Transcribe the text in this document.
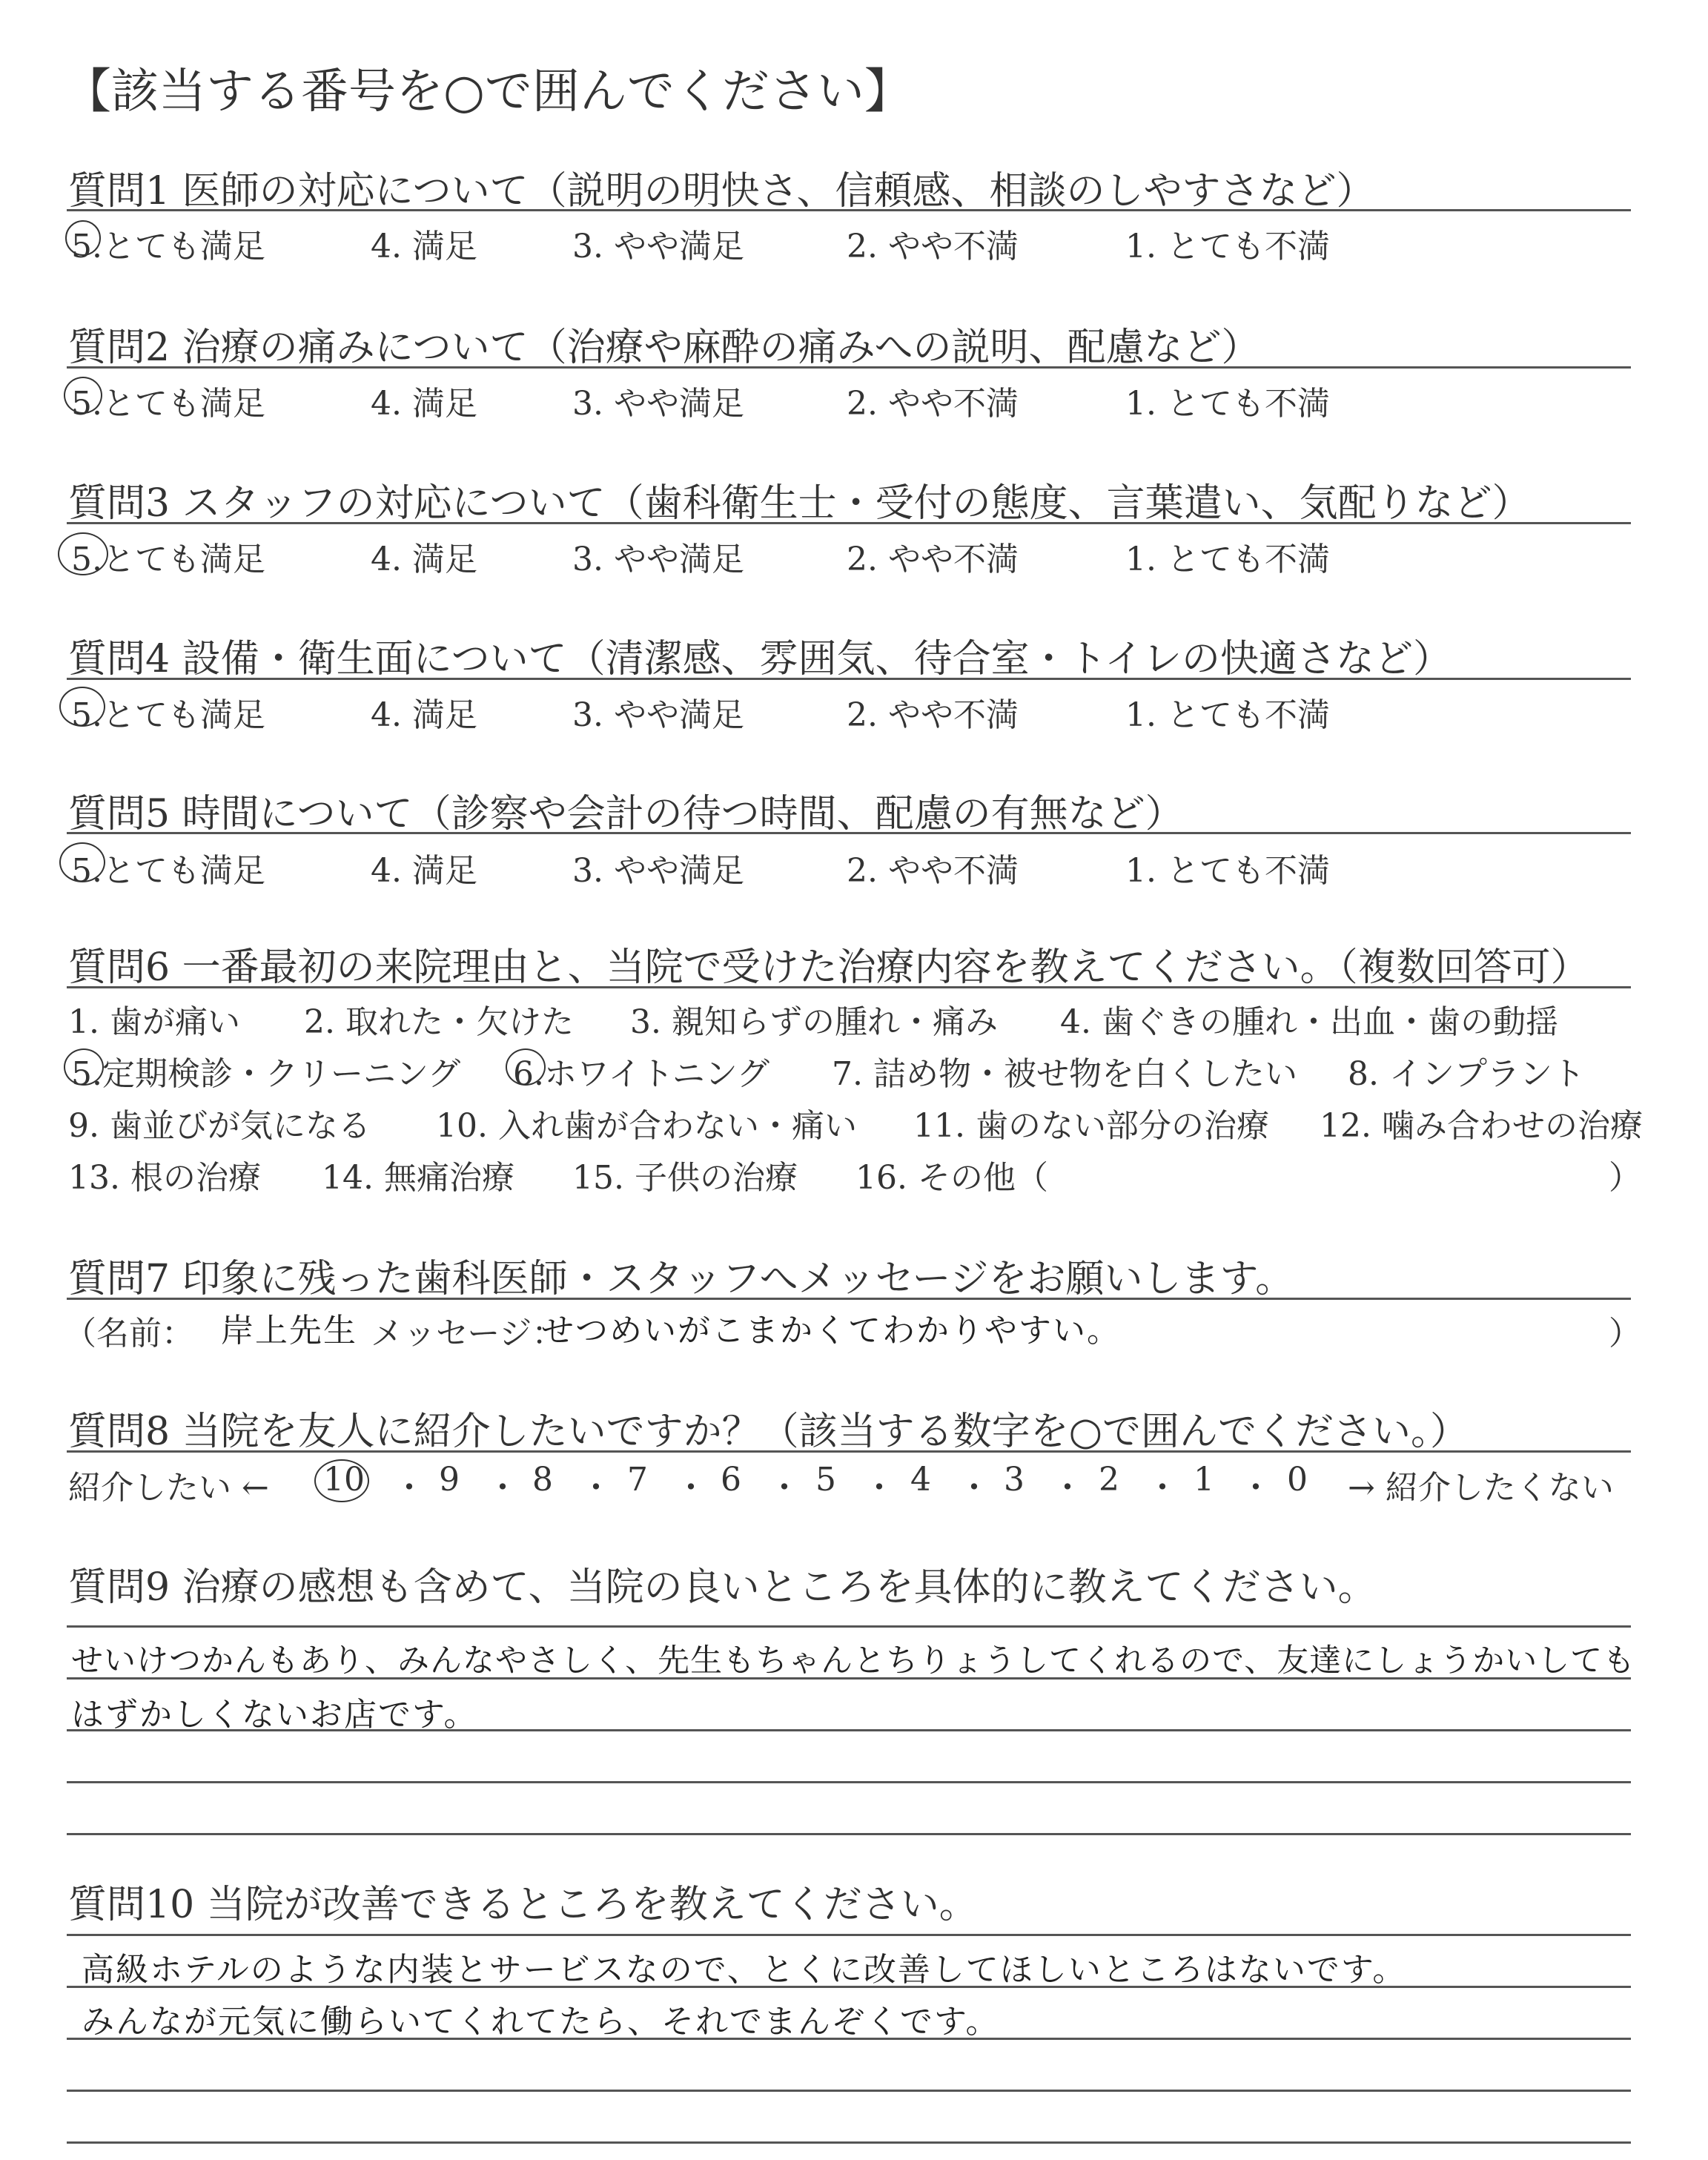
【該当する番号を○で囲んでください】
質問1 医師の対応について（説明の明快さ、信頼感、相談のしやすさなど）
5.とても満足	4. 満足	3. やや満足	2. やや不満	1. とても不満
質問2 治療の痛みについて（治療や麻酔の痛みへの説明、配慮など）
5.とても満足	4. 満足	3. やや満足	2. やや不満	1. とても不満
質問3 スタッフの対応について（歯科衛生士・受付の態度、言葉遣い、気配りなど）
5.とても満足	4. 満足	3. やや満足	2. やや不満	1. とても不満
質問4 設備・衛生面について（清潔感、雰囲気、待合室・トイレの快適さなど）
5.とても満足	4. 満足	3. やや満足	2. やや不満	1. とても不満
質問5 時間について（診察や会計の待つ時間、配慮の有無など）
5.とても満足	4. 満足	3. やや満足	2. やや不満	1. とても不満
質問6 一番最初の来院理由と、当院で受けた治療内容を教えてください。（複数回答可）
1. 歯が痛い 2. 取れた・欠けた 3. 親知らずの腫れ・痛み 4. 歯ぐきの腫れ・出血・歯の動揺
5.定期検診・クリーニング 6.ホワイトニング 7. 詰め物・被せ物を白くしたい 8. インプラント
9. 歯並びが気になる 10. 入れ歯が合わない・痛い 11. 歯のない部分の治療 12. 噛み合わせの治療
13. 根の治療 14. 無痛治療 15. 子供の治療 16. その他（	）
質問7 印象に残った歯科医師・スタッフへメッセージをお願いします。
（名前： 岸上先生 メッセージ：
せつめいがこまかくてわかりやすい。	）
質問8 当院を友人に紹介したいですか？（該当する数字を○で囲んでください。）
紹介したい ← 10 ・ 9 ・ 8 ・ 7 ・ 6 ・ 5 ・ 4 ・ 3 ・ 2 ・ 1 ・ 0 → 紹介したくない
質問9 治療の感想も含めて、当院の良いところを具体的に教えてください。
せいけつかんもあり、みんなやさしく、先生もちゃんとちりょうしてくれるので、友達にしょうかいしても
はずかしくないお店です。
質問10 当院が改善できるところを教えてください。
高級ホテルのような内装とサービスなので、とくに改善してほしいところはないです。
みんなが元気に働らいてくれてたら、それでまんぞくです。
